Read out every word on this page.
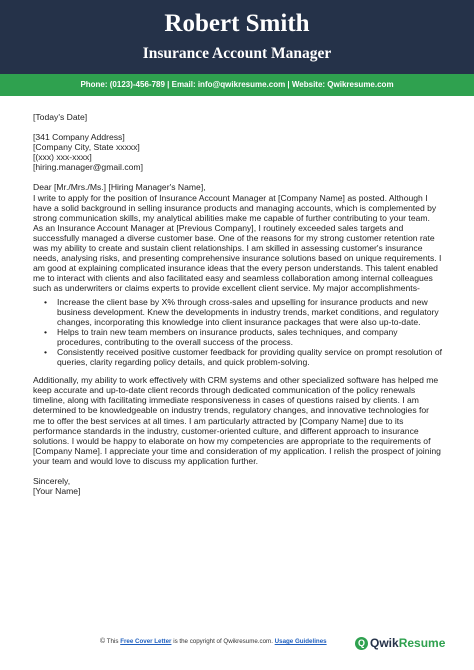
Robert Smith
Insurance Account Manager
Phone: (0123)-456-789 | Email: info@qwikresume.com | Website: Qwikresume.com

[Today's Date]

[341 Company Address]

[Company City, State xxxxx]

[(xxx) xxx-xxxx]

[hiring.manager@gmail.com]

Dear [Mr./Mrs./Ms.] [Hiring Manager's Name],

I write to apply for the position of Insurance Account Manager at [Company Name] as posted. Although I have a solid background in selling insurance products and managing accounts, which is complemented by strong communication skills, my analytical abilities make me capable of further contributing to your team.

As an Insurance Account Manager at [Previous Company], I routinely exceeded sales targets and successfully managed a diverse customer base. One of the reasons for my strong customer retention rate was my ability to create and sustain client relationships. I am skilled in assessing customer's insurance needs, analysing risks, and presenting comprehensive insurance solutions based on unique requirements. I am good at explaining complicated insurance ideas that the every person understands. This talent enabled me to interact with clients and also facilitated easy and seamless collaboration among internal colleagues such as underwriters or claims experts to provide excellent client service. My major accomplishments-

• Increase the client base by X% through cross-sales and upselling for insurance products and new business development. Knew the developments in industry trends, market conditions, and regulatory changes, incorporating this knowledge into client insurance packages that were also up-to-date.
• Helps to train new team members on insurance products, sales techniques, and company procedures, contributing to the overall success of the process.
• Consistently received positive customer feedback for providing quality service on prompt resolution of queries, clarity regarding policy details, and quick problem-solving.

Additionally, my ability to work effectively with CRM systems and other specialized software has helped me keep accurate and up-to-date client records through dedicated communication of the policy renewals timeline, along with facilitating immediate responsiveness in cases of questions raised by clients. I am determined to be knowledgeable on industry trends, regulatory changes, and innovative technologies for me to offer the best services at all times. I am particularly attracted by [Company Name] due to its performance standards in the industry, customer-oriented culture, and different approach to insurance solutions. I would be happy to elaborate on how my competencies are appropriate to the requirements of [Company Name]. I appreciate your time and consideration of my application. I relish the prospect of joining your team and would love to discuss my application further.

Sincerely,

[Your Name]

© This Free Cover Letter is the copyright of Qwikresume.com. Usage Guidelines	Q QwikResume
